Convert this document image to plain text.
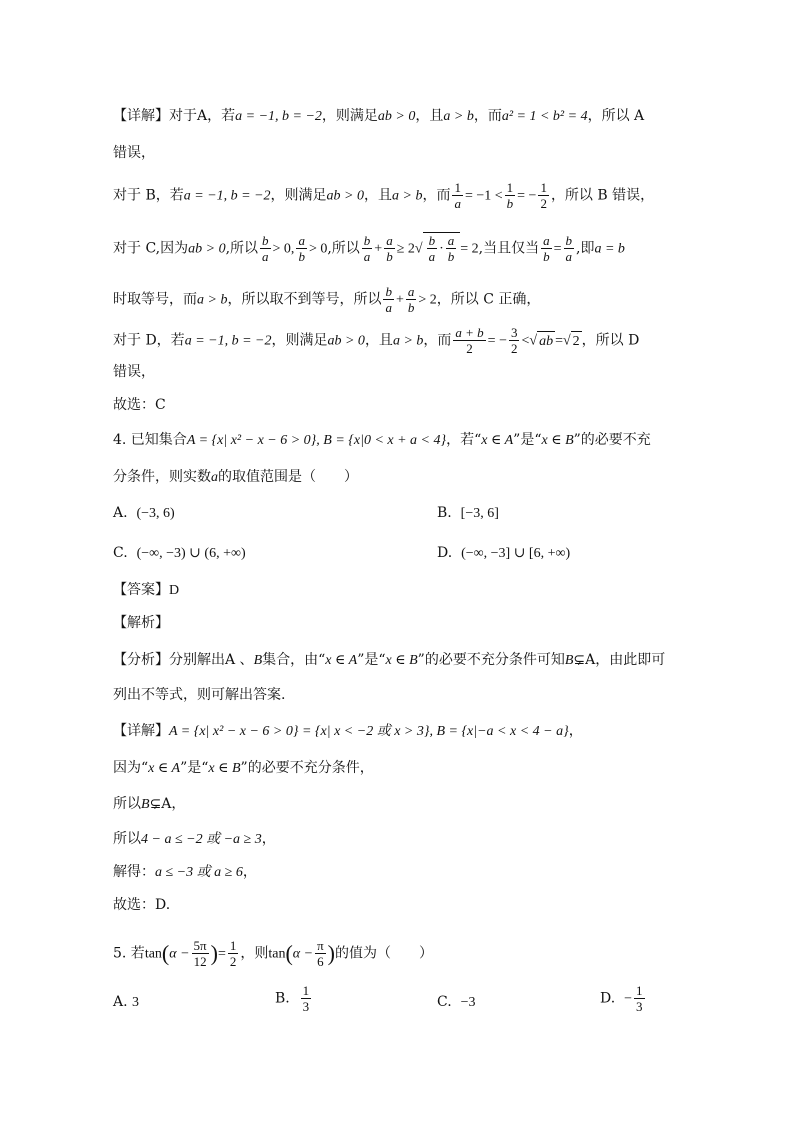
【详解】对于A，若a = −1, b = −2，则满足ab > 0，且a > b，而a² = 1 < b² = 4，所以 A
错误，
对于 B，若a = −1, b = −2，则满足ab > 0，且a > b，而 $\frac{1}{a} = -1 < \frac{1}{b}$ = − $\frac{1}{2}$ ，所以 B 错误，
对于 C,因为ab > 0,所以 $\frac{b}{a} > 0$, $\frac{a}{b} > 0$,所以 $\frac{b}{a} + \frac{a}{b} \ge 2√ \frac{b}{a} \cdot \frac{a}{b} = 2$,当且仅当 $\frac{a}{b} = \frac{b}{a}$ ,即a = b
时取等号，而a > b，所以取不到等号，所以 $\frac{b}{a} + \frac{a}{b} > 2$，所以 C 正确，
对于 D，若a = −1, b = −2，则满足ab > 0，且a > b，而 $\frac{a + b}{2}$ = − $\frac{3}{2}$ <√ ab =√ 2 ，所以 D
错误，
故选：C
4. 已知集合A = {x| x² − x − 6 > 0}, B = {x|0 < x + a < 4}，若“x ∈ A”是“x ∈ B”的必要不充
分条件，则实数a的取值范围是（　　）
A. (−3, 6)	B. [−3, 6]
C. (−∞, −3) ∪ (6, +∞)	D. (−∞, −3] ∪ [6, +∞)
【答案】D
【解析】
【分析】分别解出A 、B集合，由“x ∈ A”是“x ∈ B”的必要不充分条件可知B⊊A，由此即可
列出不等式，则可解出答案.
【详解】A = {x| x² − x − 6 > 0} = {x| x < −2 或 x > 3}, B = {x|−a < x < 4 − a}，
因为“x ∈ A”是“x ∈ B”的必要不充分条件，
所以B⊊A，
所以4 − a ≤ −2 或 −a ≥ 3，
解得：a ≤ −3 或 a ≥ 6，
故选：D.
5. 若$\tan(\alpha - \frac{5\pi}{12}$ )= $\frac{1}{2}$ ，则$\tan(\alpha - \frac{\pi}{6}$ )的值为（　　）
A. 3	B. $\frac{1}{3}$	C. −3	D. − $\frac{1}{3}$
